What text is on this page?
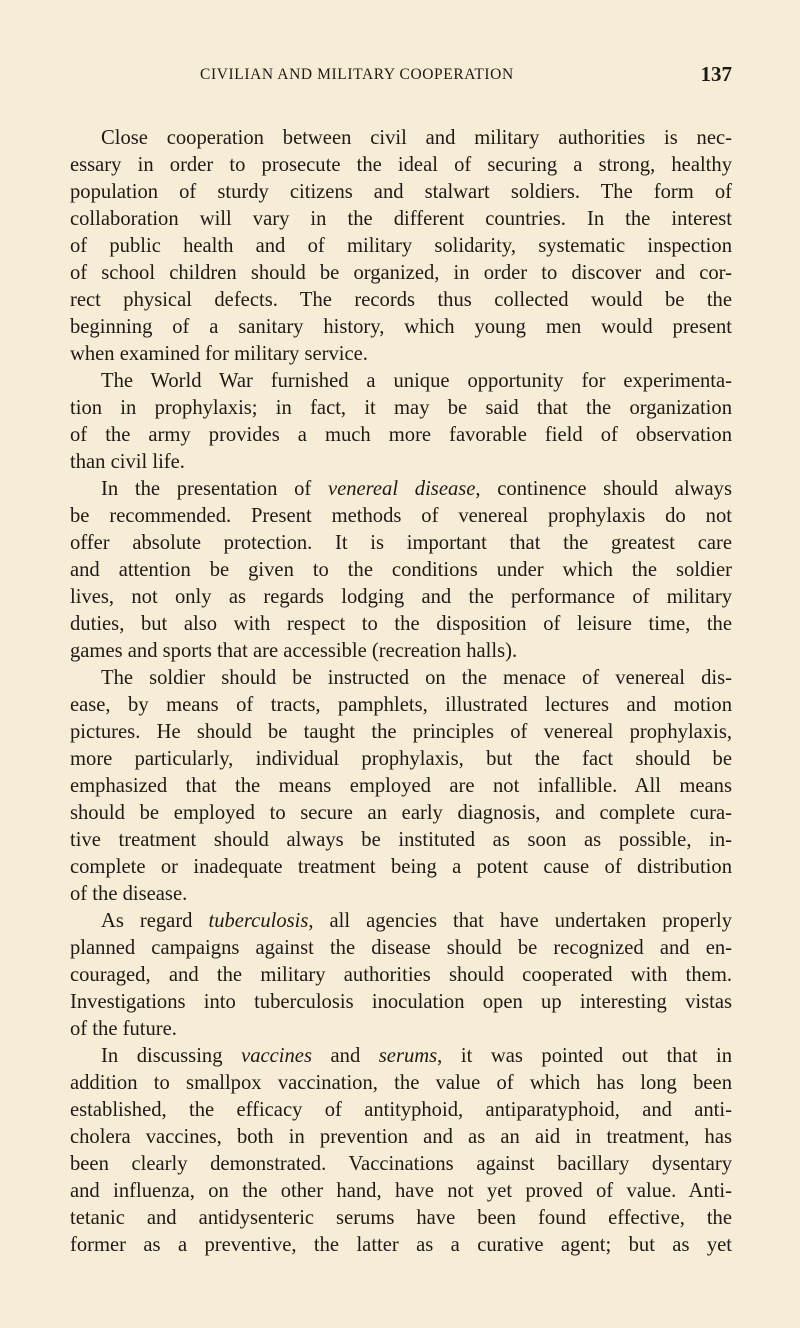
CIVILIAN AND MILITARY COOPERATION	137
Close cooperation between civil and military authorities is nec-
essary in order to prosecute the ideal of securing a strong, healthy
population of sturdy citizens and stalwart soldiers. The form of
collaboration will vary in the different countries. In the interest
of public health and of military solidarity, systematic inspection
of school children should be organized, in order to discover and cor-
rect physical defects. The records thus collected would be the
beginning of a sanitary history, which young men would present
when examined for military service.
The World War furnished a unique opportunity for experimenta-
tion in prophylaxis; in fact, it may be said that the organization
of the army provides a much more favorable field of observation
than civil life.
In the presentation of venereal disease, continence should always
be recommended. Present methods of venereal prophylaxis do not
offer absolute protection. It is important that the greatest care
and attention be given to the conditions under which the soldier
lives, not only as regards lodging and the performance of military
duties, but also with respect to the disposition of leisure time, the
games and sports that are accessible (recreation halls).
The soldier should be instructed on the menace of venereal dis-
ease, by means of tracts, pamphlets, illustrated lectures and motion
pictures. He should be taught the principles of venereal prophylaxis,
more particularly, individual prophylaxis, but the fact should be
emphasized that the means employed are not infallible. All means
should be employed to secure an early diagnosis, and complete cura-
tive treatment should always be instituted as soon as possible, in-
complete or inadequate treatment being a potent cause of distribution
of the disease.
As regard tuberculosis, all agencies that have undertaken properly
planned campaigns against the disease should be recognized and en-
couraged, and the military authorities should cooperated with them.
Investigations into tuberculosis inoculation open up interesting vistas
of the future.
In discussing vaccines and serums, it was pointed out that in
addition to smallpox vaccination, the value of which has long been
established, the efficacy of antityphoid, antiparatyphoid, and anti-
cholera vaccines, both in prevention and as an aid in treatment, has
been clearly demonstrated. Vaccinations against bacillary dysentary
and influenza, on the other hand, have not yet proved of value. Anti-
tetanic and antidysenteric serums have been found effective, the
former as a preventive, the latter as a curative agent; but as yet
